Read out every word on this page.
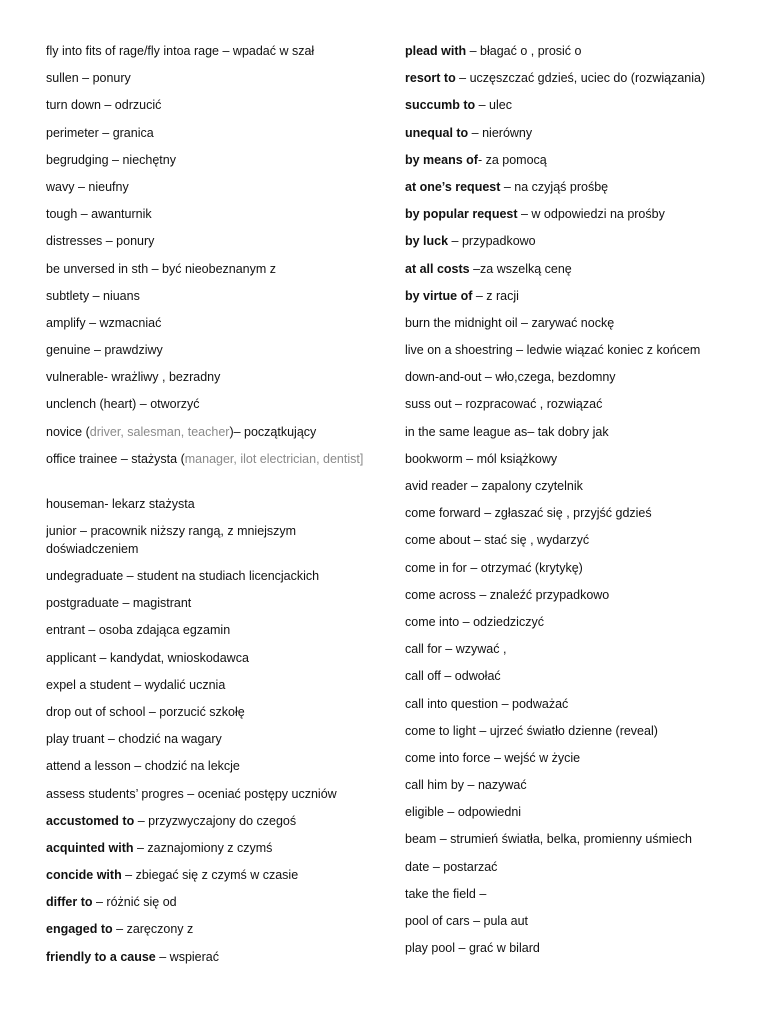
fly into fits of rage/fly intoa rage – wpadać w szał
sullen – ponury
turn down – odrzucić
perimeter – granica
begrudging – niechętny
wavy – nieufny
tough – awanturnik
distresses – ponury
be unversed in sth – być nieobeznanym z
subtlety – niuans
amplify – wzmacniać
genuine – prawdziwy
vulnerable- wrażliwy , bezradny
unclench (heart) – otworzyć
novice (driver, salesman, teacher)– początkujący
office trainee – stażysta (manager, ilot electrician, dentist]
houseman- lekarz stażysta
junior – pracownik niższy rangą, z mniejszym doświadczeniem
undegraduate – student na studiach licencjackich
postgraduate – magistrant
entrant – osoba zdająca egzamin
applicant – kandydat, wnioskodawca
expel a student – wydalić ucznia
drop out of school – porzucić szkołę
play truant – chodzić na wagary
attend a lesson – chodzić na lekcje
assess students’ progres – oceniać postępy uczniów
accustomed to – przyzwyczajony do czegoś
acquinted with – zaznajomiony z czymś
concide with – zbiegać się z czymś w czasie
differ to – różnić się od
engaged to – zaręczony z
friendly to a cause – wspierać
plead with – błagać o , prosić o
resort to – uczęszczać gdzieś, uciec do (rozwiązania)
succumb to – ulec
unequal to – nierówny
by means of- za pomocą
at one’s request – na czyjąś prośbę
by popular request – w odpowiedzi na prośby
by luck – przypadkowo
at all costs –za wszelką cenę
by virtue of – z racji
burn the midnight oil – zarywać nockę
live on a shoestring – ledwie wiązać koniec z końcem
down-and-out – wło,czega, bezdomny
suss out – rozpracować , rozwiązać
in the same league as– tak dobry jak
bookworm – mól książkowy
avid reader – zapalony czytelnik
come forward – zgłaszać się , przyjść gdzieś
come about – stać się , wydarzyć
come in for – otrzymać (krytykę)
come across – znaleźć przypadkowo
come into – odziedziczyć
call for – wzywać ,
call off – odwołać
call into question – podważać
come to light – ujrzeć światło dzienne (reveal)
come into force – wejść w życie
call him by – nazywać
eligible – odpowiedni
beam – strumień światła, belka, promienny uśmiech
date – postarzać
take the field –
pool of cars – pula aut
play pool – grać w bilard
